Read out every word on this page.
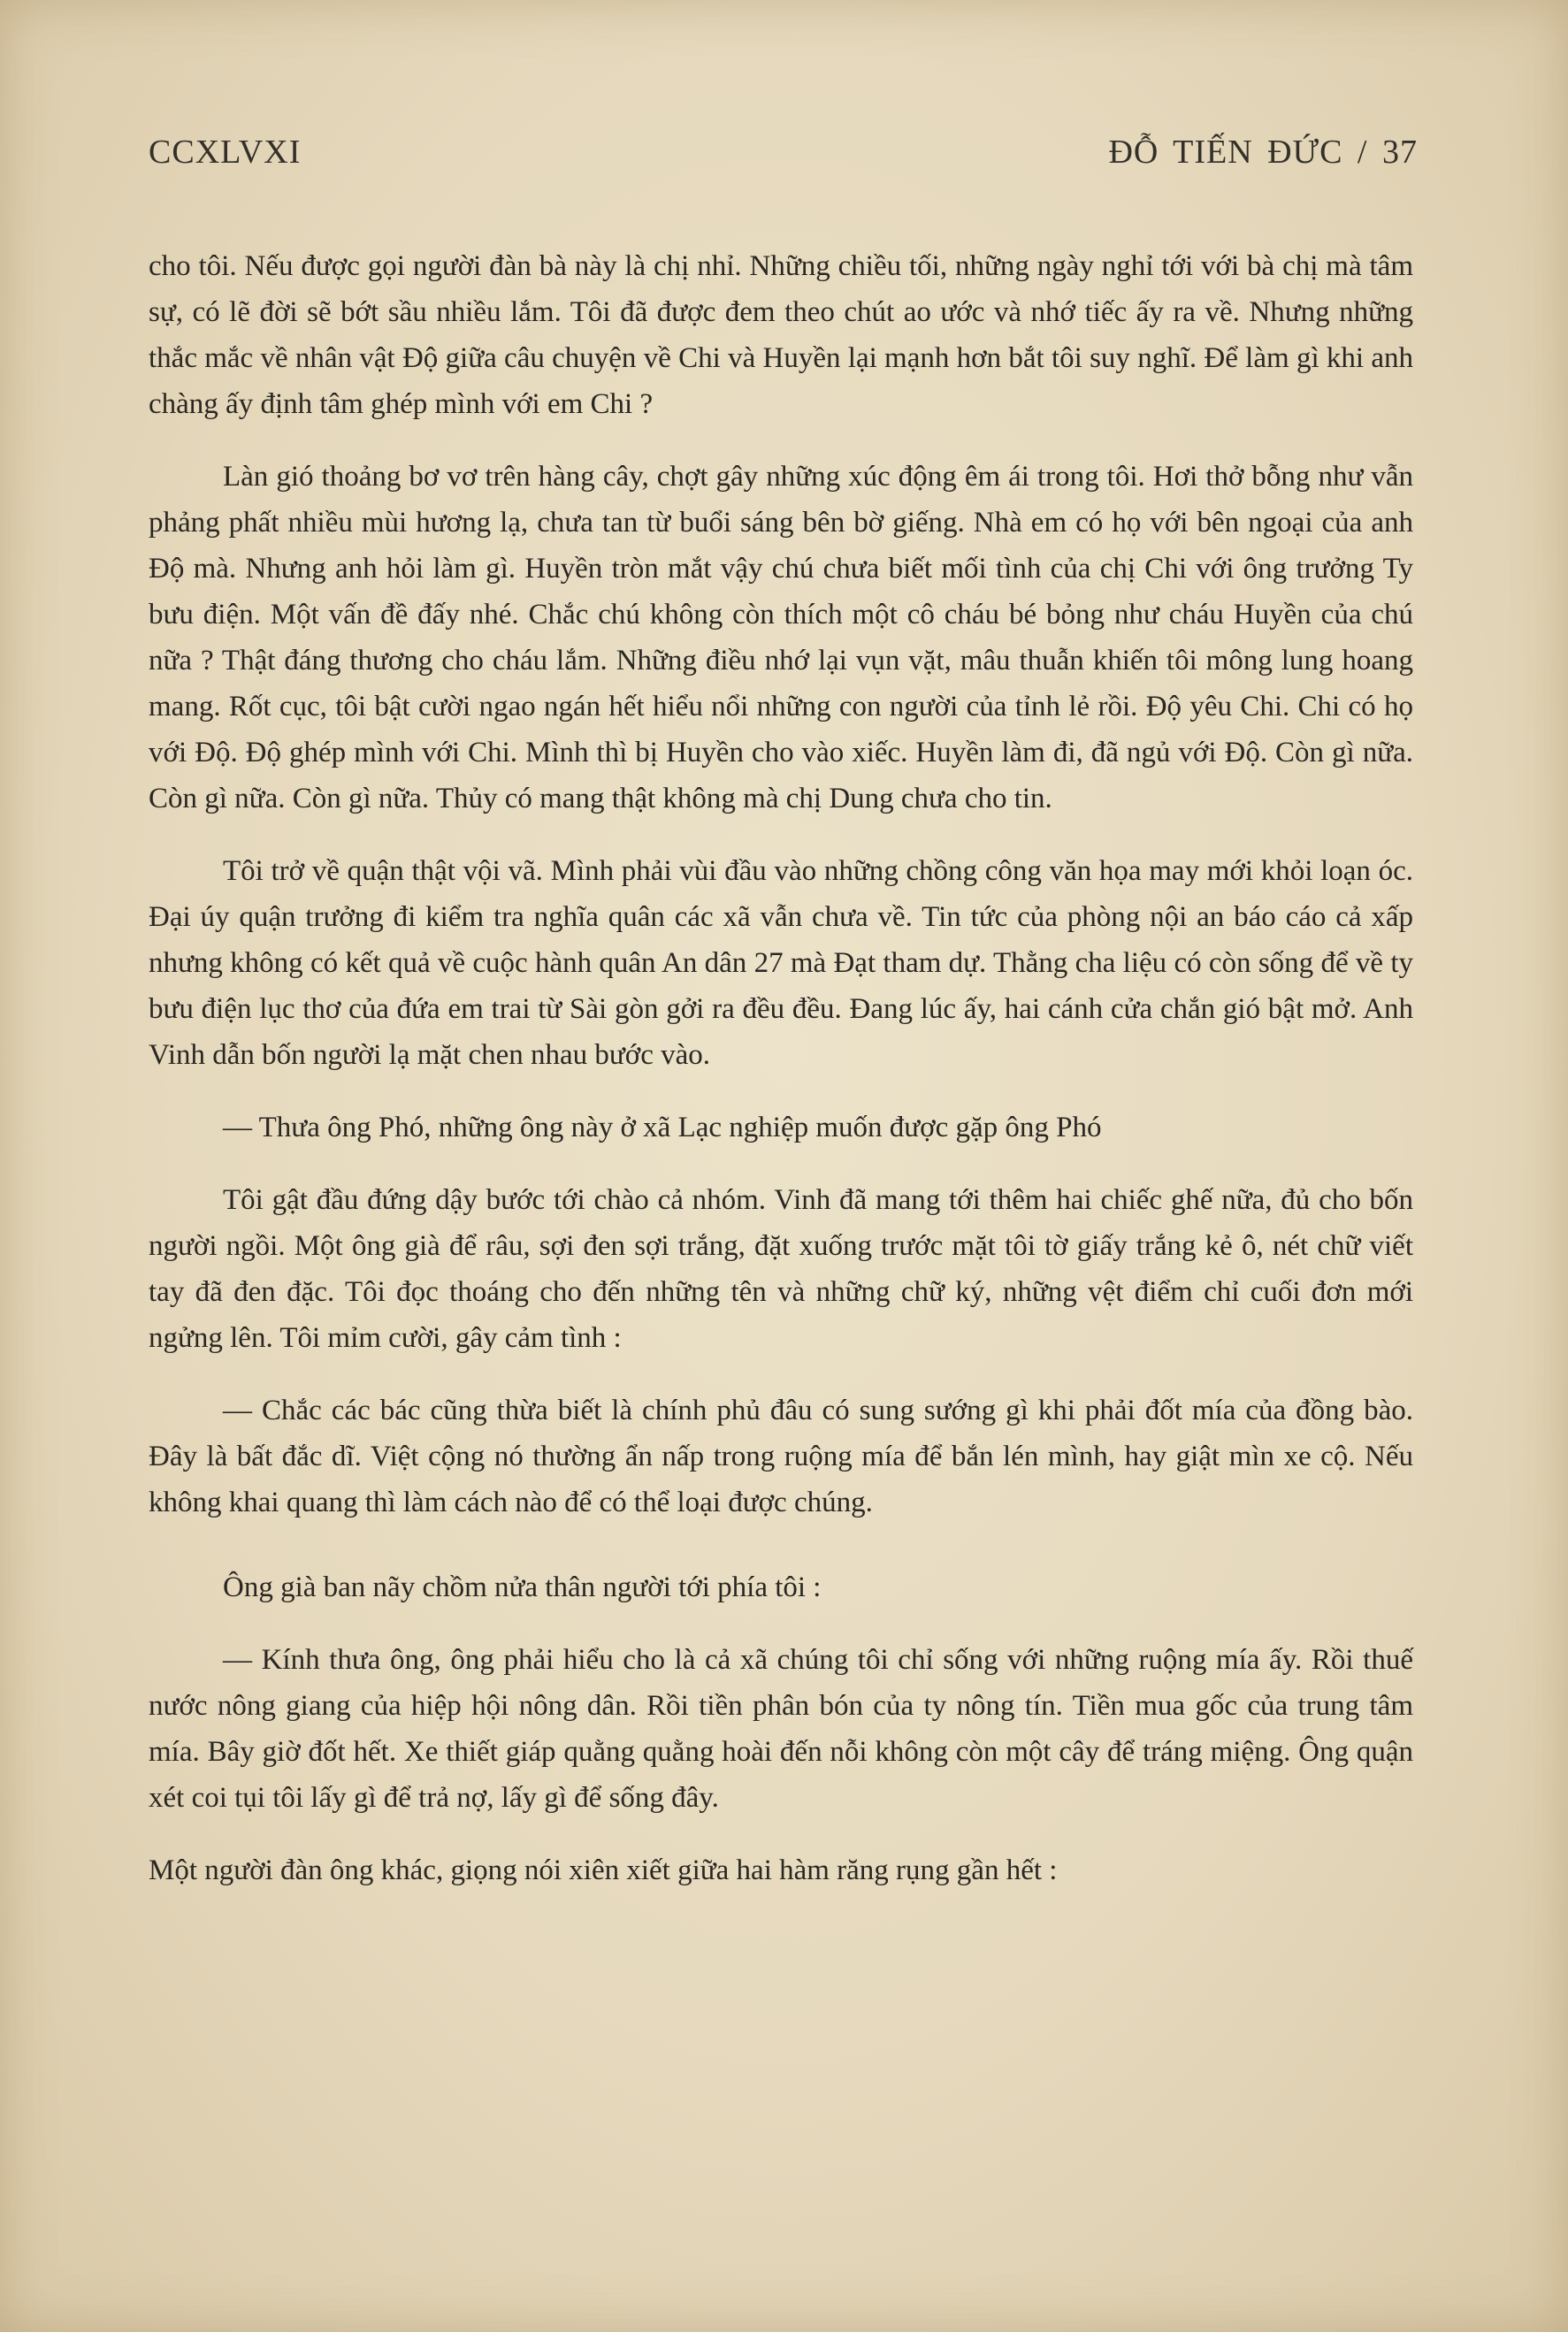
CCXLVXI	ĐỖ TIẾN ĐỨC / 37

cho tôi. Nếu được gọi người đàn bà này là chị nhỉ. Những chiều tối, những ngày nghỉ tới với bà chị mà tâm sự, có lẽ đời sẽ bớt sầu nhiều lắm. Tôi đã được đem theo chút ao ước và nhớ tiếc ấy ra về. Nhưng những thắc mắc về nhân vật Độ giữa câu chuyện về Chi và Huyền lại mạnh hơn bắt tôi suy nghĩ. Để làm gì khi anh chàng ấy định tâm ghép mình với em Chi ?

Làn gió thoảng bơ vơ trên hàng cây, chợt gây những xúc động êm ái trong tôi. Hơi thở bỗng như vẫn phảng phất nhiều mùi hương lạ, chưa tan từ buổi sáng bên bờ giếng. Nhà em có họ với bên ngoại của anh Độ mà. Nhưng anh hỏi làm gì. Huyền tròn mắt vậy chú chưa biết mối tình của chị Chi với ông trưởng Ty bưu điện. Một vấn đề đấy nhé. Chắc chú không còn thích một cô cháu bé bỏng như cháu Huyền của chú nữa ? Thật đáng thương cho cháu lắm. Những điều nhớ lại vụn vặt, mâu thuẫn khiến tôi mông lung hoang mang. Rốt cục, tôi bật cười ngao ngán hết hiểu nổi những con người của tỉnh lẻ rồi. Độ yêu Chi. Chi có họ với Độ. Độ ghép mình với Chi. Mình thì bị Huyền cho vào xiếc. Huyền làm đi, đã ngủ với Độ. Còn gì nữa. Còn gì nữa. Còn gì nữa. Thủy có mang thật không mà chị Dung chưa cho tin.

Tôi trở về quận thật vội vã. Mình phải vùi đầu vào những chồng công văn họa may mới khỏi loạn óc. Đại úy quận trưởng đi kiểm tra nghĩa quân các xã vẫn chưa về. Tin tức của phòng nội an báo cáo cả xấp nhưng không có kết quả về cuộc hành quân An dân 27 mà Đạt tham dự. Thằng cha liệu có còn sống để về ty bưu điện lục thơ của đứa em trai từ Sài gòn gởi ra đều đều. Đang lúc ấy, hai cánh cửa chắn gió bật mở. Anh Vinh dẫn bốn người lạ mặt chen nhau bước vào.

— Thưa ông Phó, những ông này ở xã Lạc nghiệp muốn được gặp ông Phó

Tôi gật đầu đứng dậy bước tới chào cả nhóm. Vinh đã mang tới thêm hai chiếc ghế nữa, đủ cho bốn người ngồi. Một ông già để râu, sợi đen sợi trắng, đặt xuống trước mặt tôi tờ giấy trắng kẻ ô, nét chữ viết tay đã đen đặc. Tôi đọc thoáng cho đến những tên và những chữ ký, những vệt điểm chỉ cuối đơn mới ngửng lên. Tôi mỉm cười, gây cảm tình :

— Chắc các bác cũng thừa biết là chính phủ đâu có sung sướng gì khi phải đốt mía của đồng bào. Đây là bất đắc dĩ. Việt cộng nó thường ẩn nấp trong ruộng mía để bắn lén mình, hay giật mìn xe cộ. Nếu không khai quang thì làm cách nào để có thể loại được chúng.

Ông già ban nãy chồm nửa thân người tới phía tôi :

— Kính thưa ông, ông phải hiểu cho là cả xã chúng tôi chỉ sống với những ruộng mía ấy. Rồi thuế nước nông giang của hiệp hội nông dân. Rồi tiền phân bón của ty nông tín. Tiền mua gốc của trung tâm mía. Bây giờ đốt hết. Xe thiết giáp quằng quằng hoài đến nỗi không còn một cây để tráng miệng. Ông quận xét coi tụi tôi lấy gì để trả nợ, lấy gì để sống đây.

Một người đàn ông khác, giọng nói xiên xiết giữa hai hàm răng rụng gần hết :
